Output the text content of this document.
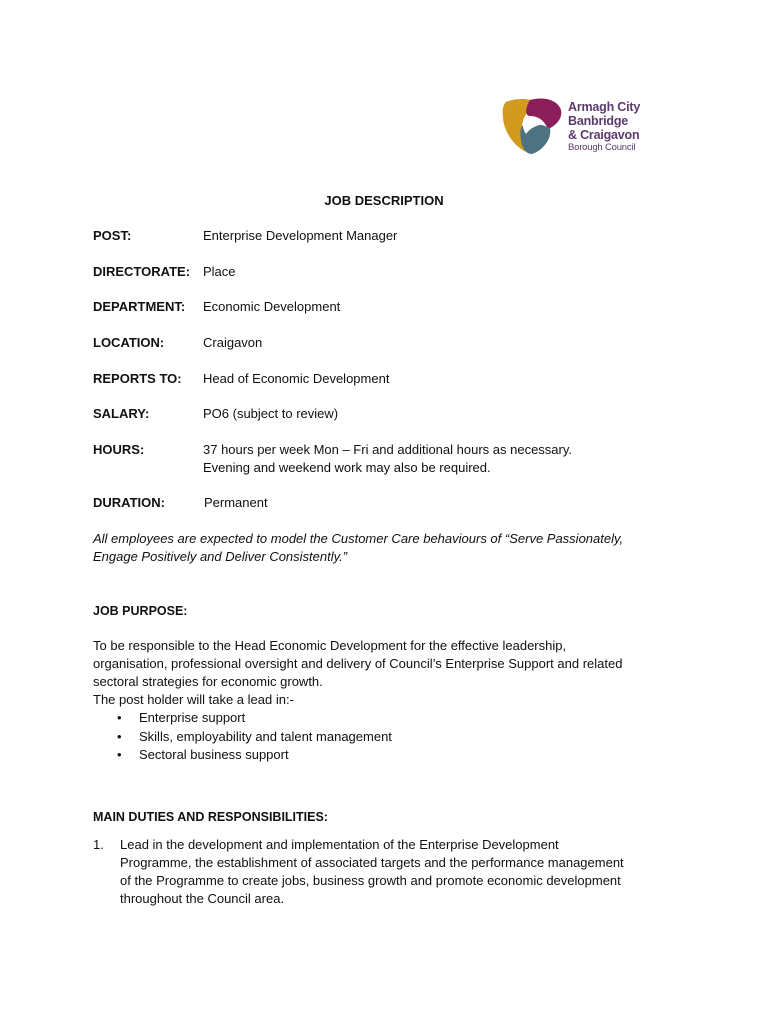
Armagh City
Banbridge
& Craigavon
Borough Council
JOB DESCRIPTION
POST:	Enterprise Development Manager
DIRECTORATE: Place
DEPARTMENT: Economic Development
LOCATION:	Craigavon
REPORTS TO: Head of Economic Development
SALARY:	PO6 (subject to review)
HOURS:	37 hours per week Mon – Fri and additional hours as necessary.
Evening and weekend work may also be required.
DURATION:	Permanent
All employees are expected to model the Customer Care behaviours of “Serve Passionately,
Engage Positively and Deliver Consistently.”
JOB PURPOSE:
To be responsible to the Head Economic Development for the effective leadership,
organisation, professional oversight and delivery of Council’s Enterprise Support and related
sectoral strategies for economic growth.
The post holder will take a lead in:-
• Enterprise support
• Skills, employability and talent management
• Sectoral business support
MAIN DUTIES AND RESPONSIBILITIES:
1. Lead in the development and implementation of the Enterprise Development
Programme, the establishment of associated targets and the performance management
of the Programme to create jobs, business growth and promote economic development
throughout the Council area.
